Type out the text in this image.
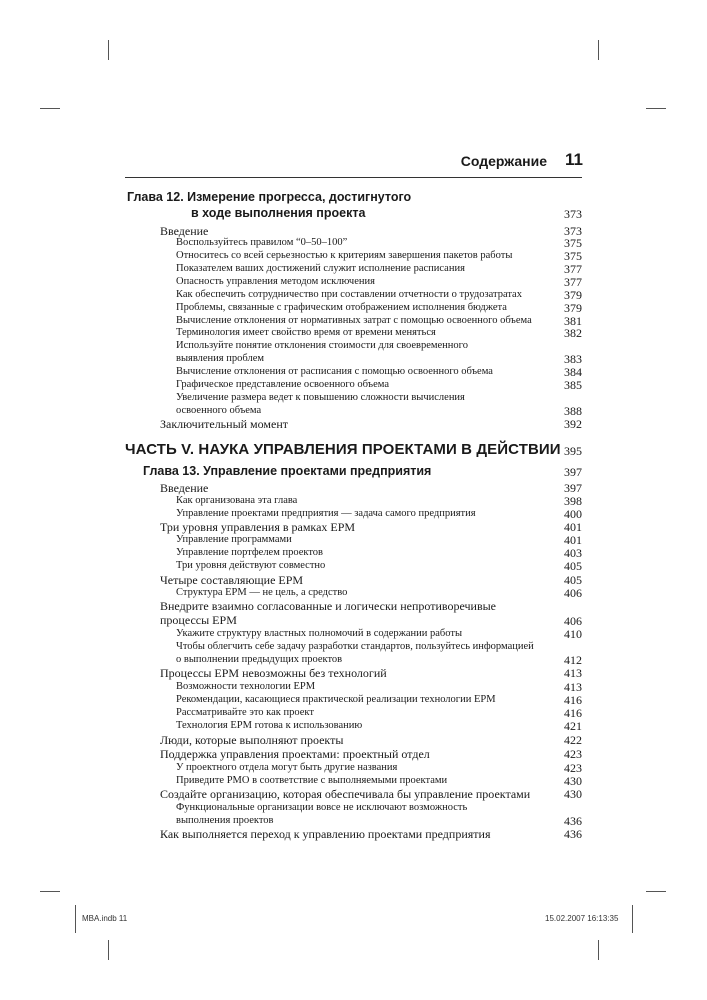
Содержание 11
Глава 12. Измерение прогресса, достигнутого
в ходе выполнения проекта	373
Введение	373
Воспользуйтесь правилом “0–50–100”	375
Относитесь со всей серьезностью к критериям завершения пакетов работы	375
Показателем ваших достижений служит исполнение расписания	377
Опасность управления методом исключения	377
Как обеспечить сотрудничество при составлении отчетности о трудозатратах	379
Проблемы, связанные с графическим отображением исполнения бюджета	379
Вычисление отклонения от нормативных затрат с помощью освоенного объема	381
Терминология имеет свойство время от времени меняться	382
Используйте понятие отклонения стоимости для своевременного
выявления проблем	383
Вычисление отклонения от расписания с помощью освоенного объема	384
Графическое представление освоенного объема	385
Увеличение размера ведет к повышению сложности вычисления
освоенного объема	388
Заключительный момент	392
ЧАСТЬ V. НАУКА УПРАВЛЕНИЯ ПРОЕКТАМИ В ДЕЙСТВИИ 395
Глава 13. Управление проектами предприятия	397
Введение	397
Как организована эта глава	398
Управление проектами предприятия — задача самого предприятия	400
Три уровня управления в рамках EPM	401
Управление программами	401
Управление портфелем проектов	403
Три уровня действуют совместно	405
Четыре составляющие EPM	405
Структура EPM — не цель, а средство	406
Внедрите взаимно согласованные и логически непротиворечивые
процессы EPM	406
Укажите структуру властных полномочий в содержании работы	410
Чтобы облегчить себе задачу разработки стандартов, пользуйтесь информацией
о выполнении предыдущих проектов	412
Процессы EPM невозможны без технологий	413
Возможности технологии EPM	413
Рекомендации, касающиеся практической реализации технологии EPM	416
Рассматривайте это как проект	416
Технология EPM готова к использованию	421
Люди, которые выполняют проекты	422
Поддержка управления проектами: проектный отдел	423
У проектного отдела могут быть другие названия	423
Приведите PMO в соответствие с выполняемыми проектами	430
Создайте организацию, которая обеспечивала бы управление проектами	430
Функциональные организации вовсе не исключают возможность
выполнения проектов	436
Как выполняется переход к управлению проектами предприятия	436
MBA.indb 11	15.02.2007 16:13:35
